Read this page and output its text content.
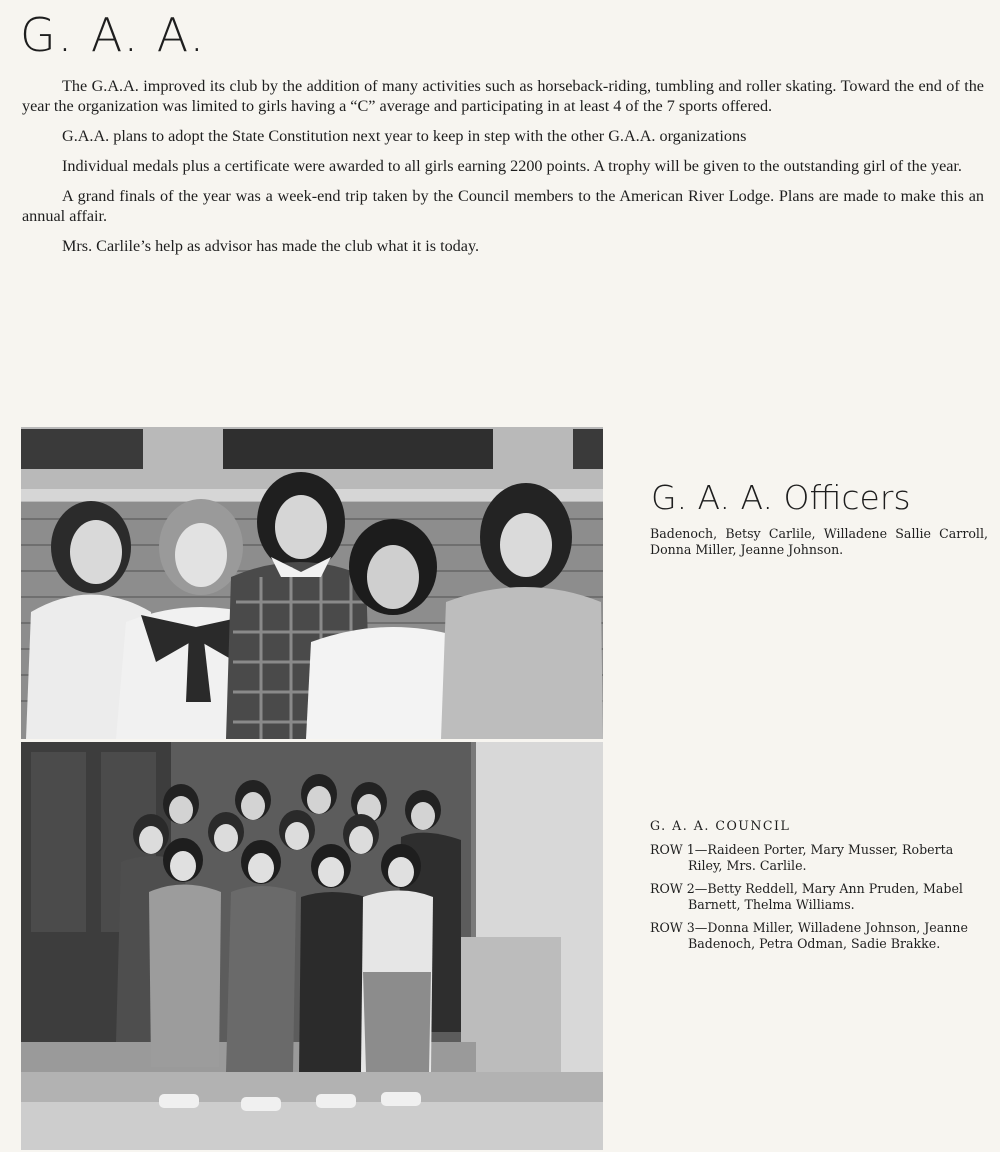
G. A. A.

The G.A.A. improved its club by the addition of many activities such as horseback-riding, tumbling and roller skating. Toward the end of the year the organization was limited to girls having a “C” average and participating in at least 4 of the 7 sports offered.

G.A.A. plans to adopt the State Constitution next year to keep in step with the other G.A.A. organizations

Individual medals plus a certificate were awarded to all girls earning 2200 points. A trophy will be given to the outstanding girl of the year.

A grand finals of the year was a week-end trip taken by the Council members to the American River Lodge. Plans are made to make this an annual affair.

Mrs. Carlile’s help as advisor has made the club what it is today.

G. A. A. Officers

Badenoch, Betsy Carlile, Willadene Sallie Carroll, Donna Miller, Jeanne Johnson.

G. A. A. COUNCIL

ROW 1—Raideen Porter, Mary Musser, Roberta Riley, Mrs. Carlile.

ROW 2—Betty Reddell, Mary Ann Pruden, Mabel Barnett, Thelma Williams.

ROW 3—Donna Miller, Willadene Johnson, Jeanne Badenoch, Petra Odman, Sadie Brakke.
